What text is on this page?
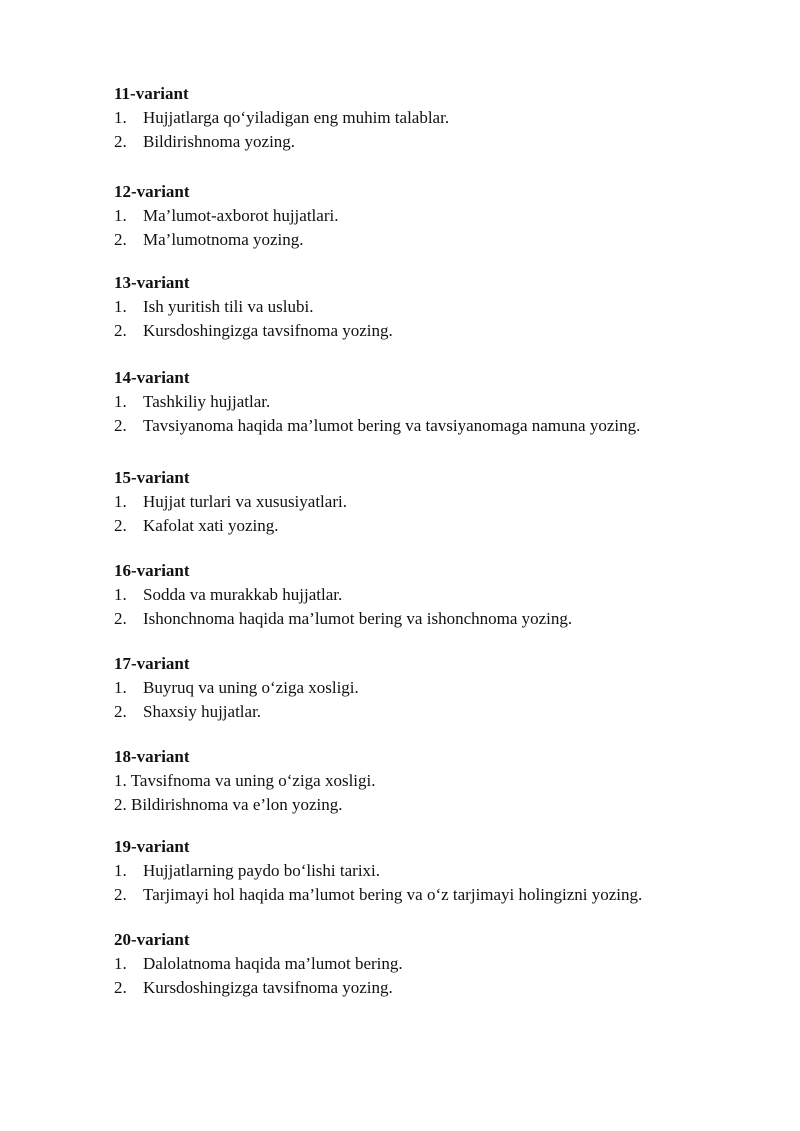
11-variant
1. Hujjatlarga qo‘yiladigan eng muhim talablar.
2. Bildirishnoma yozing.
12-variant
1. Ma’lumot-axborot hujjatlari.
2. Ma’lumotnoma yozing.
13-variant
1. Ish yuritish tili va uslubi.
2. Kursdoshingizga tavsifnoma yozing.
14-variant
1. Tashkiliy hujjatlar.
2. Tavsiyanoma haqida ma’lumot bering va tavsiyanomaga namuna yozing.
15-variant
1. Hujjat turlari va xususiyatlari.
2. Kafolat xati yozing.
16-variant
1. Sodda va murakkab hujjatlar.
2. Ishonchnoma haqida ma’lumot bering va ishonchnoma yozing.
17-variant
1. Buyruq va uning o‘ziga xosligi.
2. Shaxsiy hujjatlar.
18-variant
1. Tavsifnoma va uning o‘ziga xosligi.
2. Bildirishnoma va e’lon yozing.
19-variant
1. Hujjatlarning paydo bo‘lishi tarixi.
2. Tarjimayi hol haqida ma’lumot bering va o‘z tarjimayi holingizni yozing.
20-variant
1. Dalolatnoma haqida ma’lumot bering.
2. Kursdoshingizga tavsifnoma yozing.
